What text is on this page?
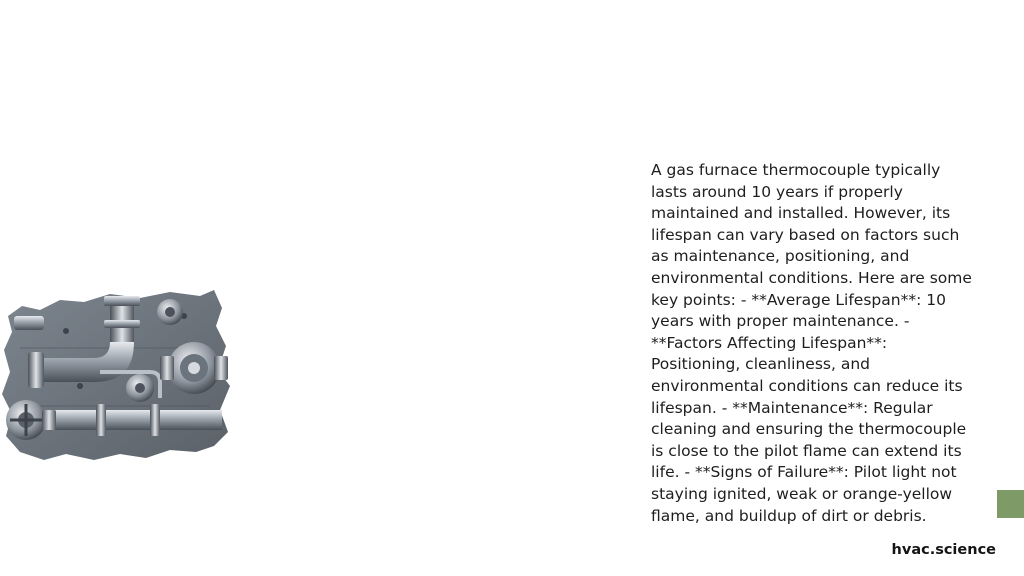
A gas furnace thermocouple typically lasts around 10 years if properly maintained and installed. However, its lifespan can vary based on factors such as maintenance, positioning, and environmental conditions. Here are some key points: - **Average Lifespan**: 10 years with proper maintenance. - **Factors Affecting Lifespan**: Positioning, cleanliness, and environmental conditions can reduce its lifespan. - **Maintenance**: Regular cleaning and ensuring the thermocouple is close to the pilot flame can extend its life. - **Signs of Failure**: Pilot light not staying ignited, weak or orange-yellow flame, and buildup of dirt or debris.

hvac.science
